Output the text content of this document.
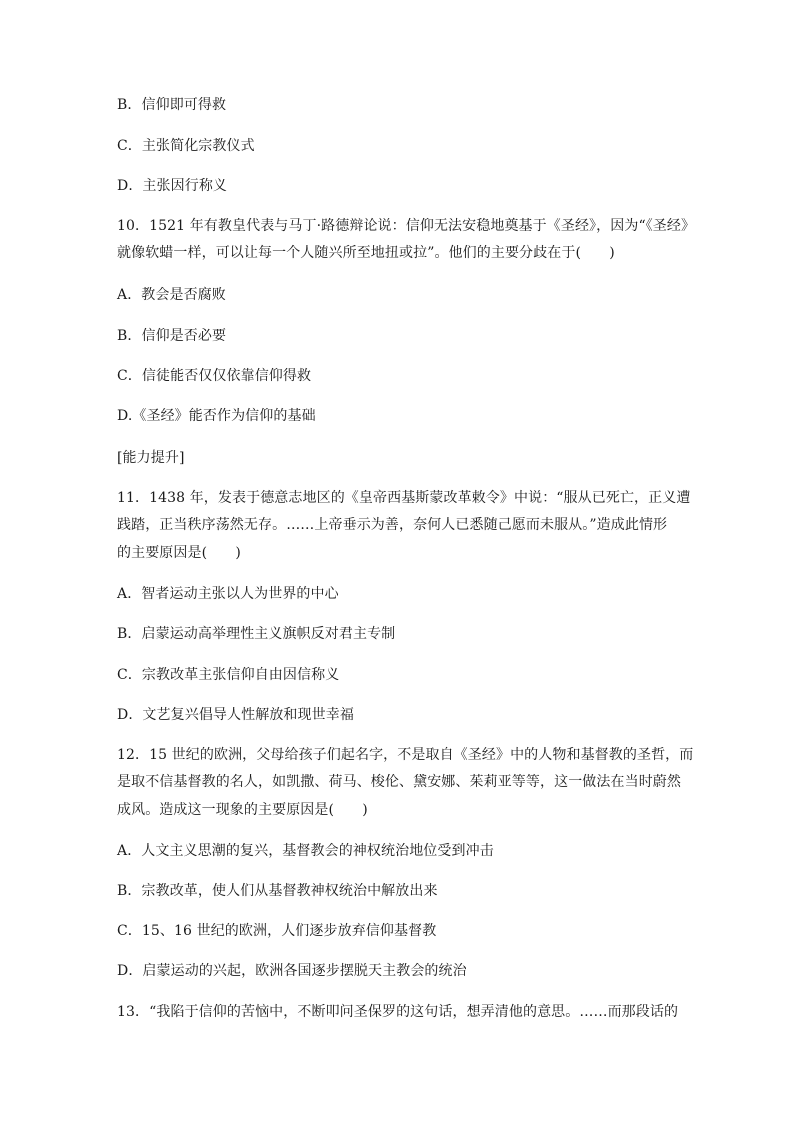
B．信仰即可得救
C．主张简化宗教仪式
D．主张因行称义
10．1521 年有教皇代表与马丁·路德辩论说：信仰无法安稳地奠基于《圣经》，因为“《圣经》
就像软蜡一样，可以让每一个人随兴所至地扭或拉”。他们的主要分歧在于(　　)
A．教会是否腐败
B．信仰是否必要
C．信徒能否仅仅依靠信仰得救
D.《圣经》能否作为信仰的基础
[能力提升]
11．1438 年，发表于德意志地区的《皇帝西基斯蒙改革敕令》中说：“服从已死亡，正义遭
践踏，正当秩序荡然无存。……上帝垂示为善，奈何人已悉随己愿而未服从。”造成此情形
的主要原因是(　　)
A．智者运动主张以人为世界的中心
B．启蒙运动高举理性主义旗帜反对君主专制
C．宗教改革主张信仰自由因信称义
D．文艺复兴倡导人性解放和现世幸福
12．15 世纪的欧洲，父母给孩子们起名字，不是取自《圣经》中的人物和基督教的圣哲，而
是取不信基督教的名人，如凯撒、荷马、梭伦、黛安娜、茱莉亚等等，这一做法在当时蔚然
成风。造成这一现象的主要原因是(　　)
A．人文主义思潮的复兴，基督教会的神权统治地位受到冲击
B．宗教改革，使人们从基督教神权统治中解放出来
C．15、16 世纪的欧洲，人们逐步放弃信仰基督教
D．启蒙运动的兴起，欧洲各国逐步摆脱天主教会的统治
13．“我陷于信仰的苦恼中，不断叩问圣保罗的这句话，想弄清他的意思。……而那段话的
